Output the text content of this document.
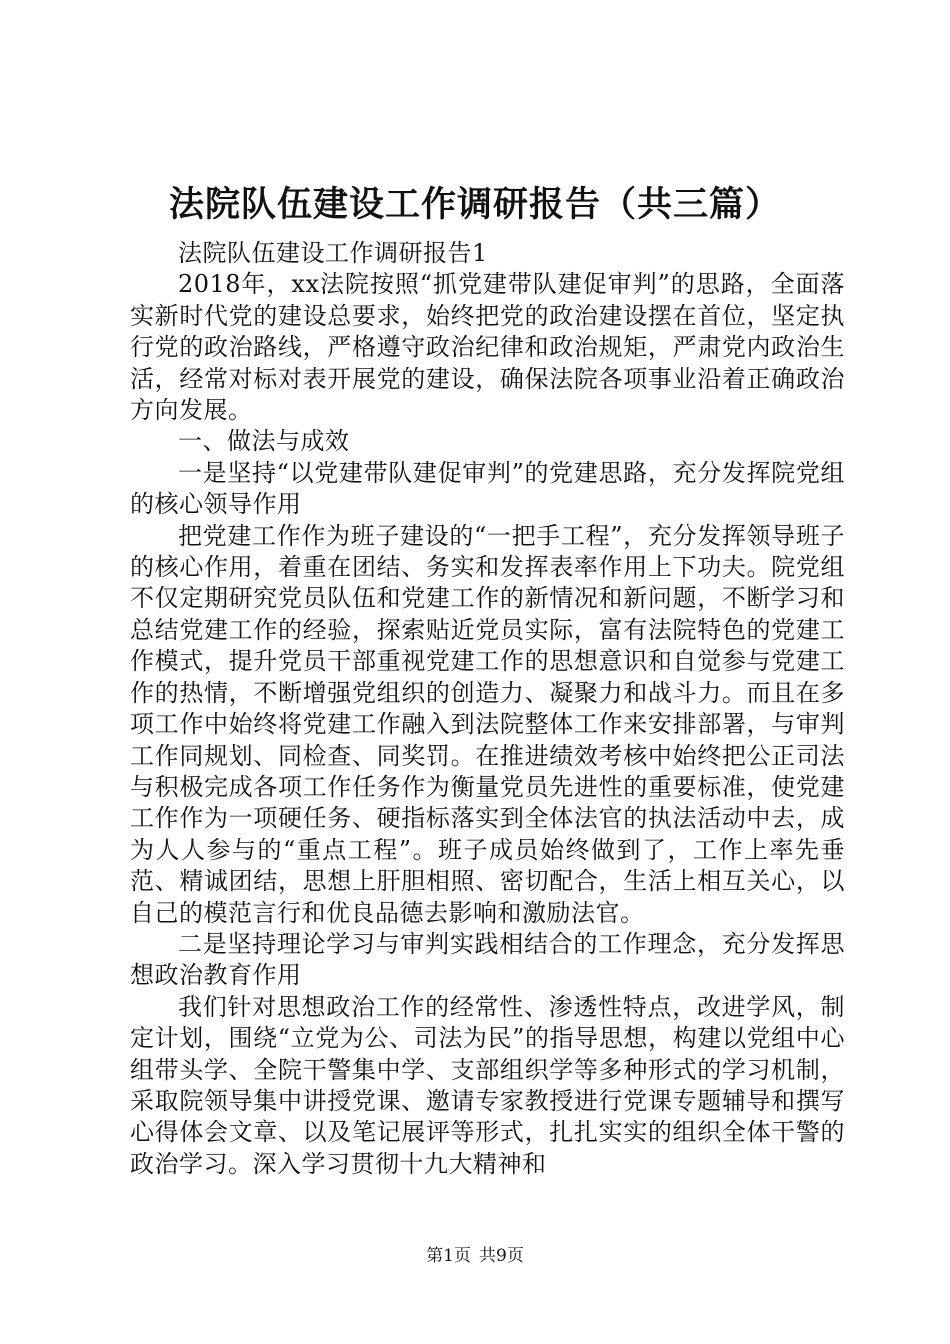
法院队伍建设工作调研报告（共三篇）

法院队伍建设工作调研报告1

2018年，xx法院按照“抓党建带队建促审判”的思路，全面落实新时代党的建设总要求，始终把党的政治建设摆在首位，坚定执行党的政治路线，严格遵守政治纪律和政治规矩，严肃党内政治生活，经常对标对表开展党的建设，确保法院各项事业沿着正确政治方向发展。

一、做法与成效

一是坚持“以党建带队建促审判”的党建思路，充分发挥院党组的核心领导作用

把党建工作作为班子建设的“一把手工程”，充分发挥领导班子的核心作用，着重在团结、务实和发挥表率作用上下功夫。院党组不仅定期研究党员队伍和党建工作的新情况和新问题，不断学习和总结党建工作的经验，探索贴近党员实际，富有法院特色的党建工作模式，提升党员干部重视党建工作的思想意识和自觉参与党建工作的热情，不断增强党组织的创造力、凝聚力和战斗力。而且在多项工作中始终将党建工作融入到法院整体工作来安排部署，与审判工作同规划、同检查、同奖罚。在推进绩效考核中始终把公正司法与积极完成各项工作任务作为衡量党员先进性的重要标准，使党建工作作为一项硬任务、硬指标落实到全体法官的执法活动中去，成为人人参与的“重点工程”。班子成员始终做到了，工作上率先垂范、精诚团结，思想上肝胆相照、密切配合，生活上相互关心，以自己的模范言行和优良品德去影响和激励法官。

二是坚持理论学习与审判实践相结合的工作理念，充分发挥思想政治教育作用

我们针对思想政治工作的经常性、渗透性特点，改进学风，制定计划，围绕“立党为公、司法为民”的指导思想，构建以党组中心组带头学、全院干警集中学、支部组织学等多种形式的学习机制，采取院领导集中讲授党课、邀请专家教授进行党课专题辅导和撰写心得体会文章、以及笔记展评等形式，扎扎实实的组织全体干警的政治学习。深入学习贯彻十九大精神和

第1页 共9页
